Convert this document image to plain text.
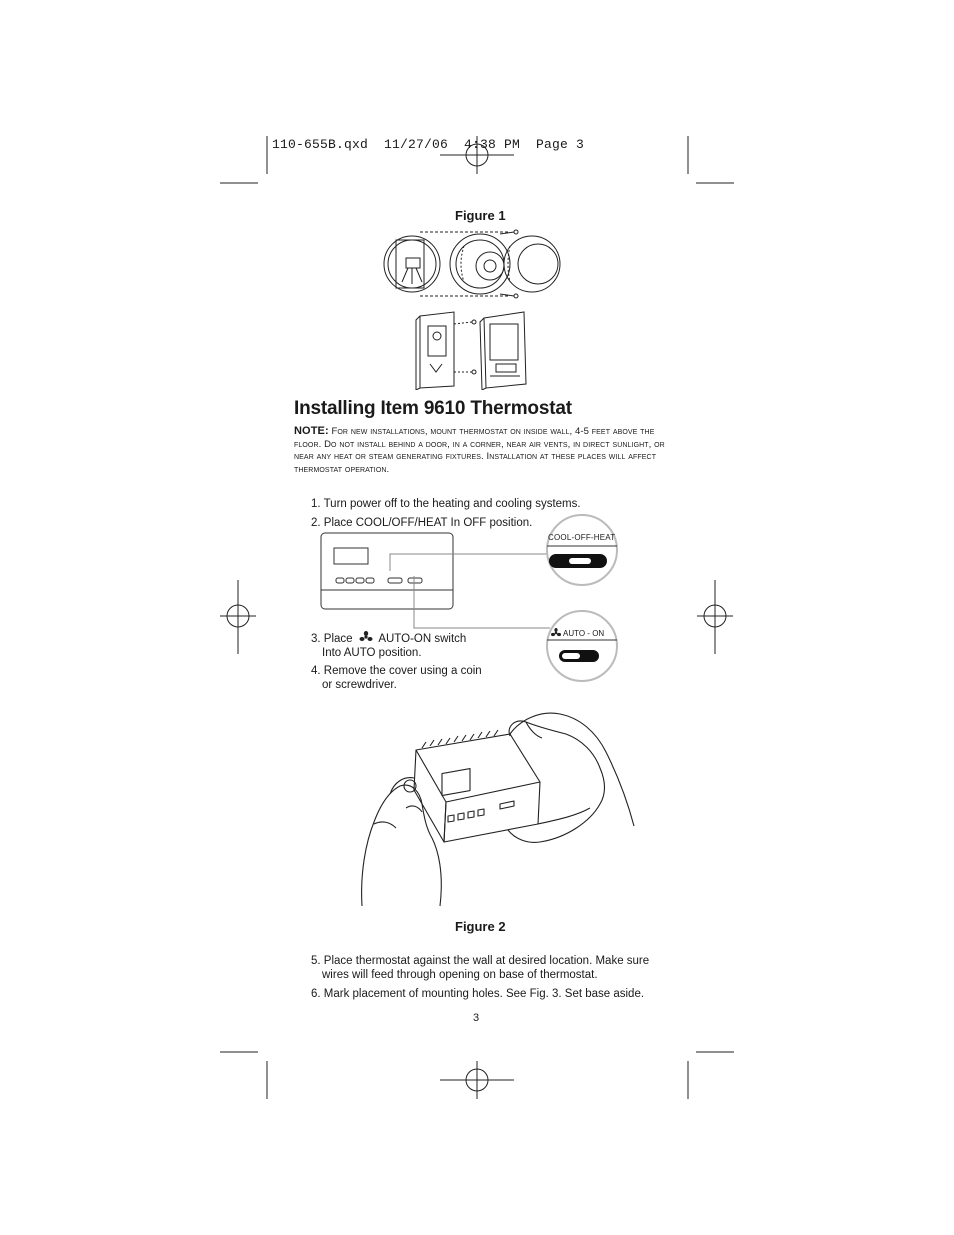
110-655B.qxd  11/27/06  4:38 PM  Page 3
Figure 1
Installing Item 9610 Thermostat
NOTE: For new installations, mount thermostat on inside wall, 4-5 feet above the floor. Do not install behind a door, in a corner, near air vents, in direct sunlight, or near any heat or steam generating fixtures. Installation at these places will affect thermostat operation.
1. Turn power off to the heating and cooling systems.
2. Place COOL/OFF/HEAT In OFF position.
COOL-OFF-HEAT
AUTO - ON
3. Place AUTO-ON switch
Into AUTO position.
4. Remove the cover using a coin
or screwdriver.
Figure 2
5. Place thermostat against the wall at desired location. Make sure
wires will feed through opening on base of thermostat.
6. Mark placement of mounting holes. See Fig. 3. Set base aside.
3
